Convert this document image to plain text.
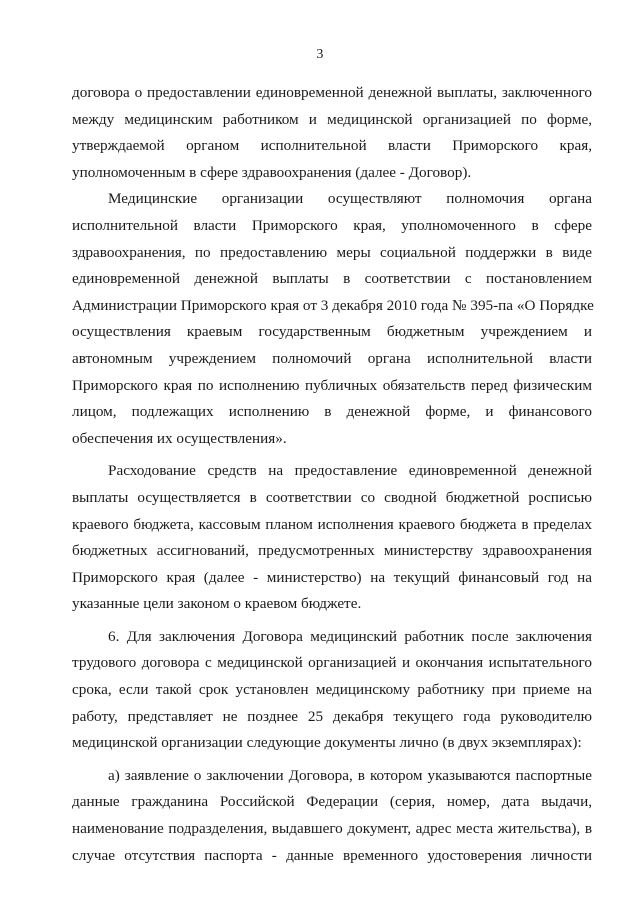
3
договора о предоставлении единовременной денежной выплаты, заключенного
между медицинским работником и медицинской организацией по форме,
утверждаемой органом исполнительной власти Приморского края,
уполномоченным в сфере здравоохранения (далее - Договор).
Медицинские организации осуществляют полномочия органа
исполнительной власти Приморского края, уполномоченного в сфере
здравоохранения, по предоставлению меры социальной поддержки в виде
единовременной денежной выплаты в соответствии с постановлением
Администрации Приморского края от 3 декабря 2010 года № 395-па «О Порядке
осуществления краевым государственным бюджетным учреждением и
автономным учреждением полномочий органа исполнительной власти
Приморского края по исполнению публичных обязательств перед физическим
лицом, подлежащих исполнению в денежной форме, и финансового
обеспечения их осуществления».
Расходование средств на предоставление единовременной денежной
выплаты осуществляется в соответствии со сводной бюджетной росписью
краевого бюджета, кассовым планом исполнения краевого бюджета в пределах
бюджетных ассигнований, предусмотренных министерству здравоохранения
Приморского края (далее - министерство) на текущий финансовый год на
указанные цели законом о краевом бюджете.
6. Для заключения Договора медицинский работник после заключения
трудового договора с медицинской организацией и окончания испытательного
срока, если такой срок установлен медицинскому работнику при приеме на
работу, представляет не позднее 25 декабря текущего года руководителю
медицинской организации следующие документы лично (в двух экземплярах):
а) заявление о заключении Договора, в котором указываются паспортные
данные гражданина Российской Федерации (серия, номер, дата выдачи,
наименование подразделения, выдавшего документ, адрес места жительства), в
случае отсутствия паспорта - данные временного удостоверения личности
